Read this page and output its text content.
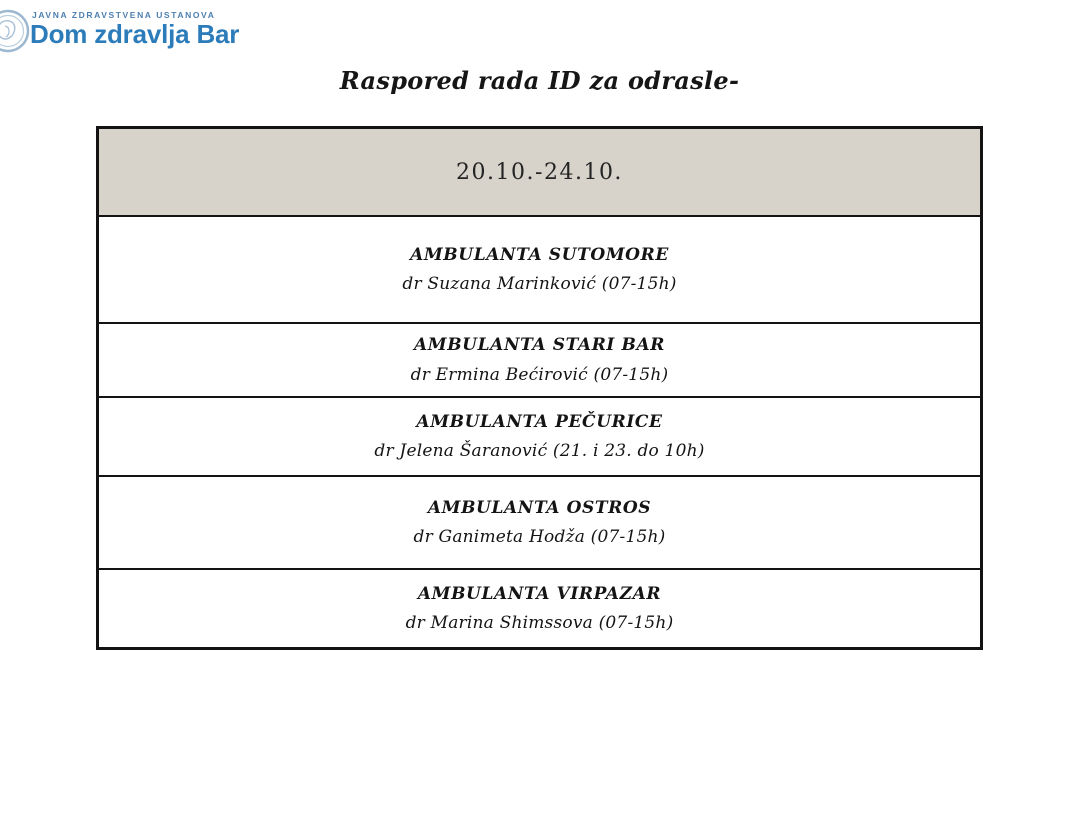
JAVNA ZDRAVSTVENA USTANOVA
Dom zdravlja Bar
Raspored rada ID za odrasle-
20.10.-24.10.
AMBULANTA SUTOMORE
dr Suzana Marinković (07-15h)
AMBULANTA STARI BAR
dr Ermina Bećirović (07-15h)
AMBULANTA PEČURICE
dr Jelena Šaranović (21. i 23. do 10h)
AMBULANTA OSTROS
dr Ganimeta Hodža (07-15h)
AMBULANTA VIRPAZAR
dr Marina Shimssova (07-15h)
